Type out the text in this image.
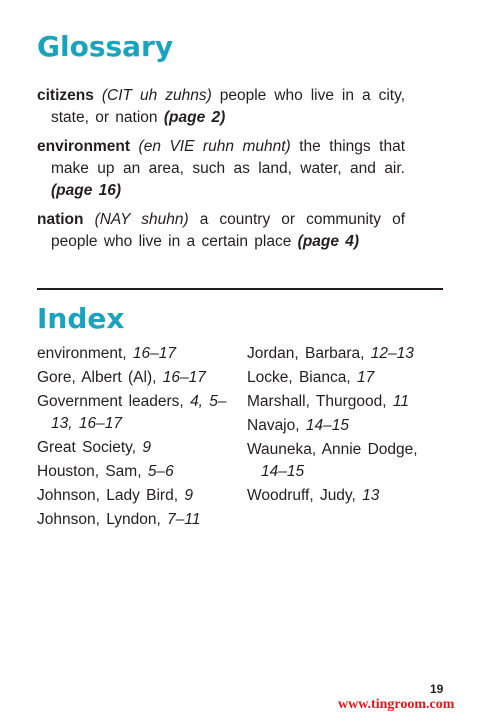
Glossary

citizens (CIT uh zuhns) people who live in a city, state, or nation (page 2)

environment (en VIE ruhn muhnt) the things that make up an area, such as land, water, and air. (page 16)

nation (NAY shuhn) a country or community of people who live in a certain place (page 4)

Index
environment, 16–17
Gore, Albert (Al), 16–17
Government leaders, 4, 5–13, 16–17
Great Society, 9
Houston, Sam, 5–6
Johnson, Lady Bird, 9
Johnson, Lyndon, 7–11
Jordan, Barbara, 12–13
Locke, Bianca, 17
Marshall, Thurgood, 11
Navajo, 14–15
Wauneka, Annie Dodge, 14–15
Woodruff, Judy, 13
19
www.tingroom.com
